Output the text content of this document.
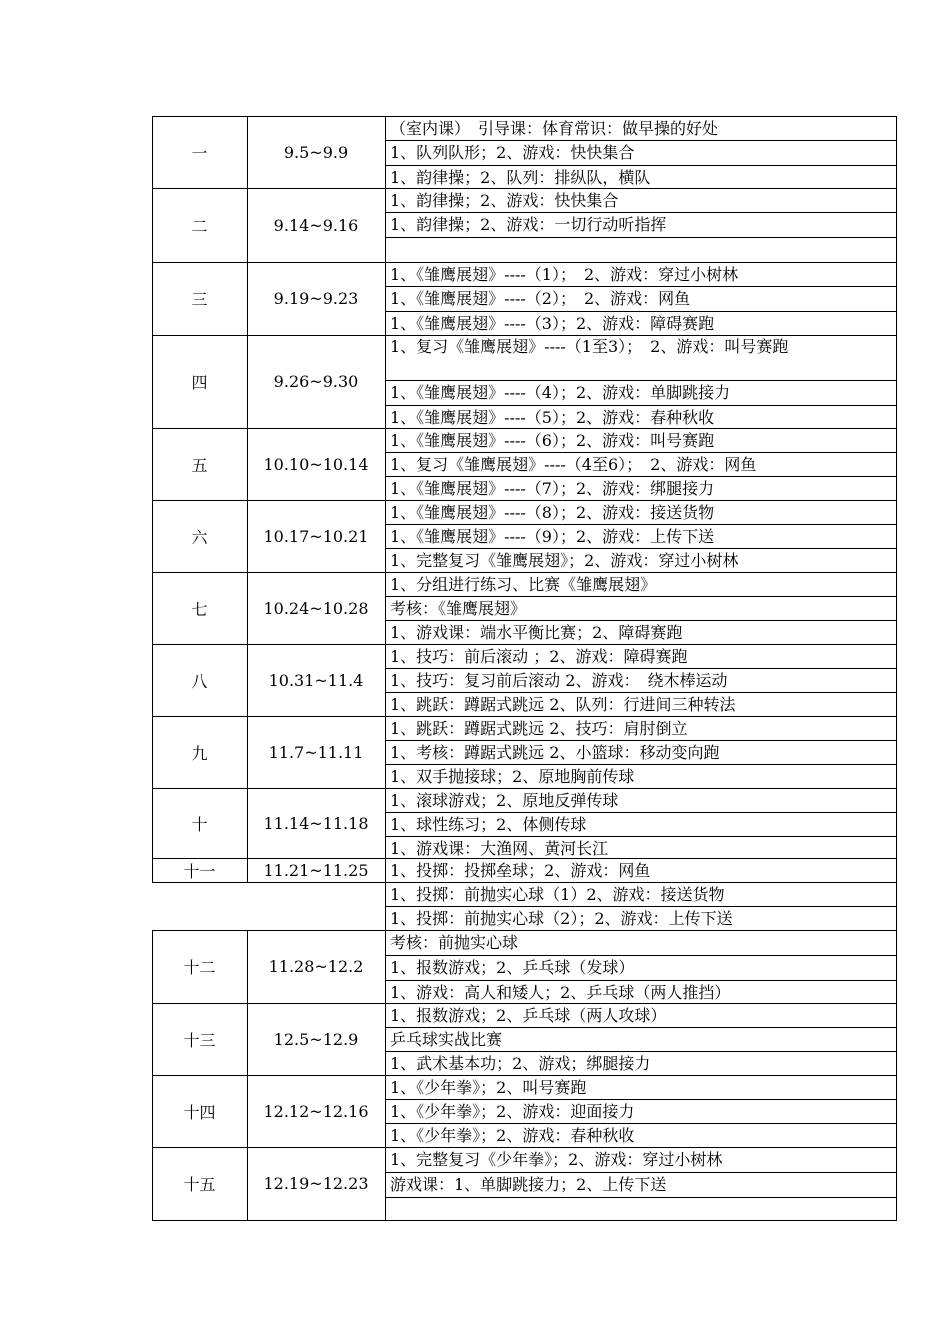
一	9.5~9.9
（室内课）　引导课：体育常识：做早操的好处
1、队列队形；2、游戏：快快集合
1、韵律操；2、队列：排纵队，横队
二	9.14~9.16
1、韵律操；2、游戏：快快集合
1、韵律操；2、游戏：一切行动听指挥
三	9.19~9.23
1、《雏鹰展翅》----（1）；　2、游戏：穿过小树林
1、《雏鹰展翅》----（2）；　2、游戏：网鱼
1、《雏鹰展翅》----（3）；2、游戏：障碍赛跑
四	9.26~9.30
1、复习《雏鹰展翅》----（1至3）；　2、游戏：叫号赛跑
1、《雏鹰展翅》----（4）；2、游戏：单脚跳接力
1、《雏鹰展翅》----（5）；2、游戏：春种秋收
五	10.10~10.14
1、《雏鹰展翅》----（6）；2、游戏：叫号赛跑
1、复习《雏鹰展翅》----（4至6）；　2、游戏：网鱼
1、《雏鹰展翅》----（7）；2、游戏：绑腿接力
六	10.17~10.21
1、《雏鹰展翅》----（8）；2、游戏：接送货物
1、《雏鹰展翅》----（9）；2、游戏：上传下送
1、完整复习《雏鹰展翅》；2、游戏：穿过小树林
七	10.24~10.28
1、分组进行练习、比赛《雏鹰展翅》
考核：《雏鹰展翅》
1、游戏课：端水平衡比赛；2、障碍赛跑
八	10.31~11.4
1、技巧：前后滚动 ；2、游戏：障碍赛跑
1、技巧：复习前后滚动 2、游戏：　绕木棒运动
1、跳跃：蹲踞式跳远 2、队列：行进间三种转法
九	11.7~11.11
1、跳跃：蹲踞式跳远 2、技巧：肩肘倒立
1、考核：蹲踞式跳远 2、小篮球：移动变向跑
1、双手抛接球；2、原地胸前传球
十	11.14~11.18
1、滚球游戏；2、原地反弹传球
1、球性练习；2、体侧传球
1、游戏课：大渔网、黄河长江
十一	11.21~11.25	1、投掷：投掷垒球；2、游戏：网鱼
1、投掷：前抛实心球（1）2、游戏：接送货物
1、投掷：前抛实心球（2）；2、游戏：上传下送
十二	11.28~12.2
考核：前抛实心球
1、报数游戏；2、乒乓球（发球）
1、游戏：高人和矮人；2、乒乓球（两人推挡）
十三	12.5~12.9
1、报数游戏；2、乒乓球（两人攻球）
乒乓球实战比赛
1、武术基本功；2、游戏；绑腿接力
十四	12.12~12.16
1、《少年拳》；2、叫号赛跑
1、《少年拳》；2、游戏：迎面接力
1、《少年拳》；2、游戏：春种秋收
十五	12.19~12.23
1、完整复习《少年拳》；2、游戏：穿过小树林
游戏课：1、单脚跳接力；2、上传下送
